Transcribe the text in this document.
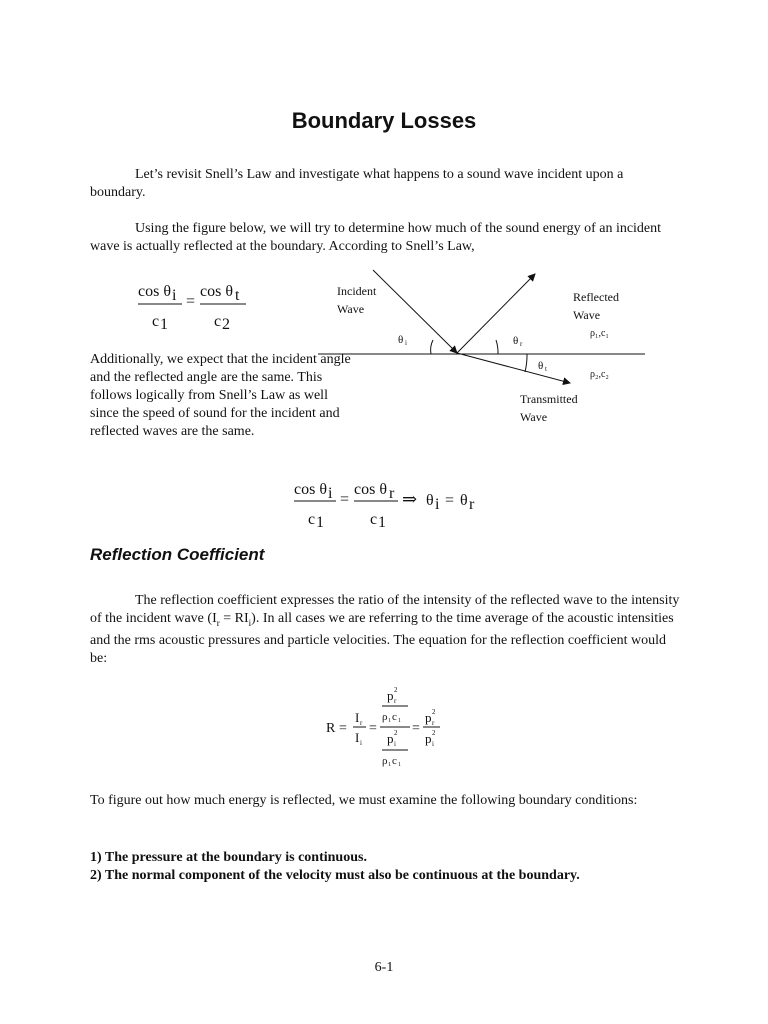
Boundary Losses
Let’s revisit Snell’s Law and investigate what happens to a sound wave incident upon a boundary.
Using the figure below, we will try to determine how much of the sound energy of an incident wave is actually reflected at the boundary. According to Snell’s Law,
cos θ i =
cos θ t
c 1	c 2
Incident
Wave
Reflected
Wave
Transmitted
Wave
θ i	θ r
θ t
ρ₁,c₁
ρ₂,c₂
Additionally, we expect that the incident angle and the reflected angle are the same. This follows logically from Snell’s Law as well since the speed of sound for the incident and reflected waves are the same.
cos θ i =
cos θ r
c 1	c 1
⇒ θ i = θ r
Reflection Coefficient
The reflection coefficient expresses the ratio of the intensity of the reflected wave to the intensity of the incident wave $(I_r = RI_i)$. In all cases we are referring to the time average of the acoustic intensities and the rms acoustic pressures and particle velocities. The equation for the reflection coefficient would be:
R =
I r
I i
=
p 2
r
ρ 1 c 1
p 2
i
ρ 1 c 1
=
p 2
r
p 2
i
To figure out how much energy is reflected, we must examine the following boundary conditions:
1) The pressure at the boundary is continuous.
2) The normal component of the velocity must also be continuous at the boundary.
6-1
